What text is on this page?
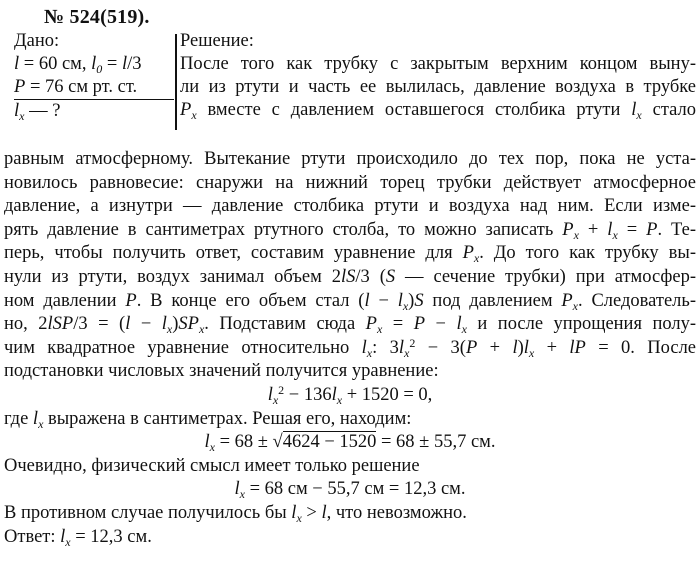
№ 524(519).
Дано:
l = 60 см, $l_0 = l/3$
P = 76 см рт. ст.
$l_x$ — ?
Решение:
После того как трубку с закрытым верхним концом выну-
ли из ртути и часть ее вылилась, давление воздуха в трубке
$P_x$ вместе с давлением оставшегося столбика ртути $l_x$ стало
равным атмосферному. Вытекание ртути происходило до тех пор, пока не уста-
новилось равновесие: снаружи на нижний торец трубки действует атмосферное
давление, а изнутри — давление столбика ртути и воздуха над ним. Если изме-
рять давление в сантиметрах ртутного столба, то можно записать $P_x + l_x = P$. Те-
перь, чтобы получить ответ, составим уравнение для $P_x$. До того как трубку вы-
нули из ртути, воздух занимал объем 2lS/3 (S — сечение трубки) при атмосфер-
ном давлении P. В конце его объем стал $(l - l_x)S$ под давлением $P_x$. Следователь-
но, $2lSP/3 = (l - l_x)SP_x$. Подставим сюда $P_x = P - l_x$ и после упрощения полу-
чим квадратное уравнение относительно $l_x$: $3l_x^2 - 3(P + l)l_x$ + lP = 0. После
подстановки числовых значений получится уравнение:
$l_x^2 - 136l_x + 1520 = 0$,
где $l_x$ выражена в сантиметрах. Решая его, находим:
$l_x = 68 \pm √4624 - 1520 = 68 \pm 55,7$ см.
Очевидно, физический смысл имеет только решение
$l_x = 68$ см − 55,7 см = 12,3 см.
В противном случае получилось бы $l_x > l$, что невозможно.
Ответ: $l_x = 12,3$ см.
